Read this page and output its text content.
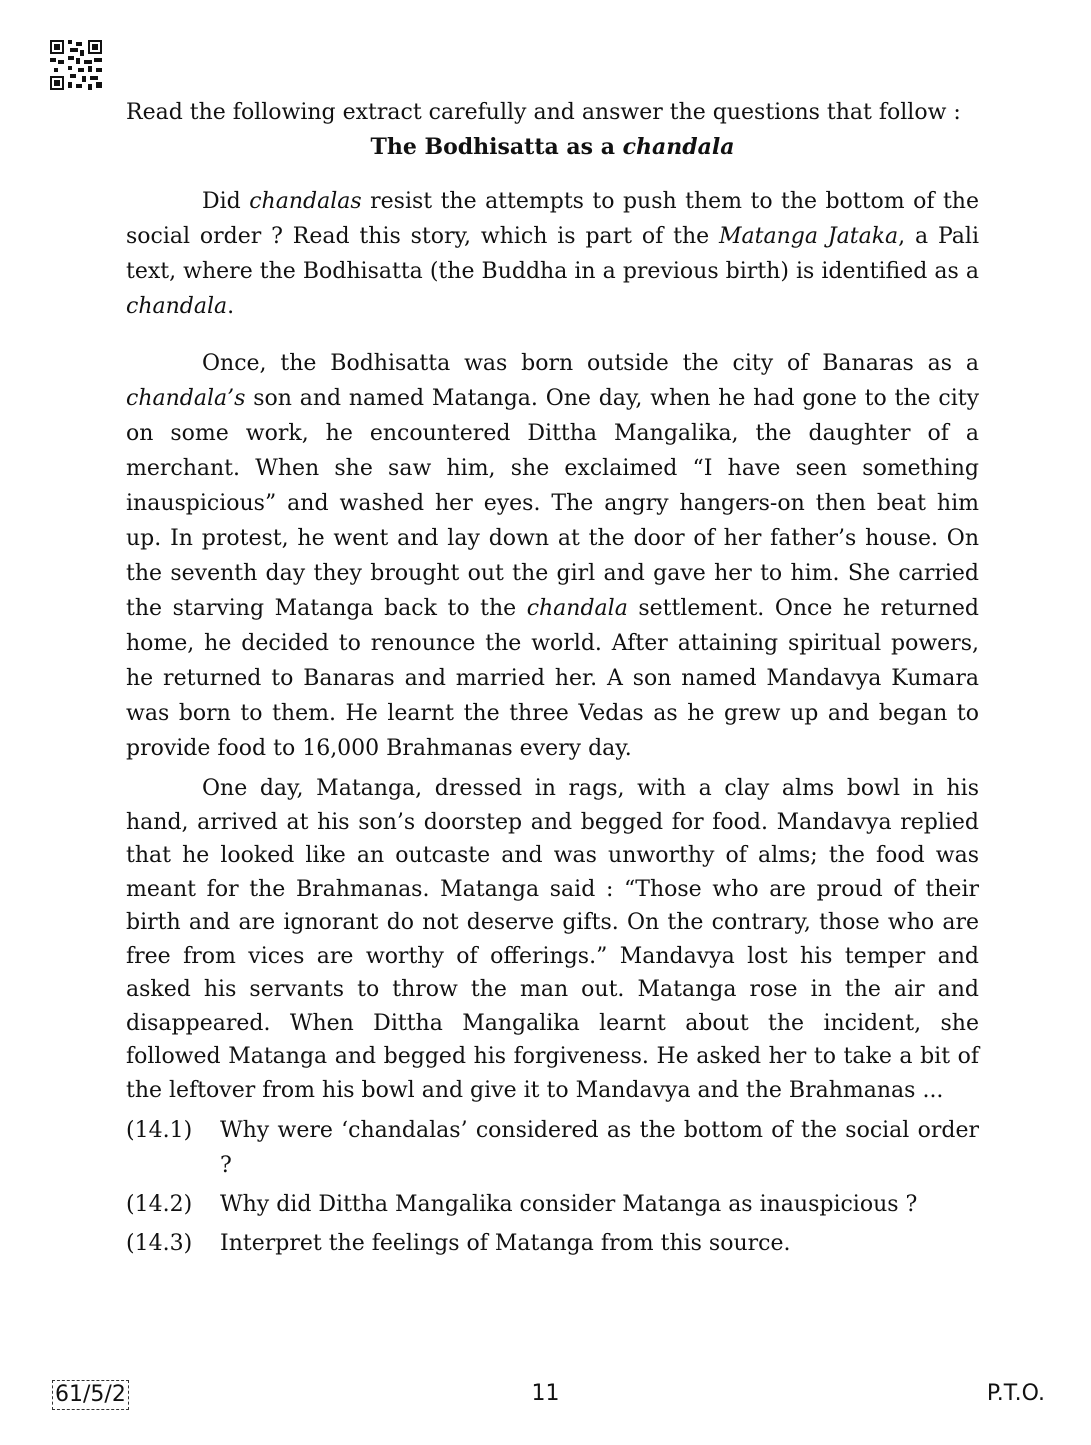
Read the following extract carefully and answer the questions that follow :

The Bodhisatta as a chandala

Did chandalas resist the attempts to push them to the bottom of the social order ? Read this story, which is part of the Matanga Jataka, a Pali text, where the Bodhisatta (the Buddha in a previous birth) is identified as a chandala.

Once, the Bodhisatta was born outside the city of Banaras as a chandala’s son and named Matanga. One day, when he had gone to the city on some work, he encountered Dittha Mangalika, the daughter of a merchant. When she saw him, she exclaimed “I have seen something inauspicious” and washed her eyes. The angry hangers-on then beat him up. In protest, he went and lay down at the door of her father’s house. On the seventh day they brought out the girl and gave her to him. She carried the starving Matanga back to the chandala settlement. Once he returned home, he decided to renounce the world. After attaining spiritual powers, he returned to Banaras and married her. A son named Mandavya Kumara was born to them. He learnt the three Vedas as he grew up and began to provide food to 16,000 Brahmanas every day.

One day, Matanga, dressed in rags, with a clay alms bowl in his hand, arrived at his son’s doorstep and begged for food. Mandavya replied that he looked like an outcaste and was unworthy of alms; the food was meant for the Brahmanas. Matanga said : “Those who are proud of their birth and are ignorant do not deserve gifts. On the contrary, those who are free from vices are worthy of offerings.” Mandavya lost his temper and asked his servants to throw the man out. Matanga rose in the air and disappeared. When Dittha Mangalika learnt about the incident, she followed Matanga and begged his forgiveness. He asked her to take a bit of the leftover from his bowl and give it to Mandavya and the Brahmanas ...

(14.1)	Why were ‘chandalas’ considered as the bottom of the social order ?
(14.2)	Why did Dittha Mangalika consider Matanga as inauspicious ?
(14.3)	Interpret the feelings of Matanga from this source.
61/5/2	11	P.T.O.
